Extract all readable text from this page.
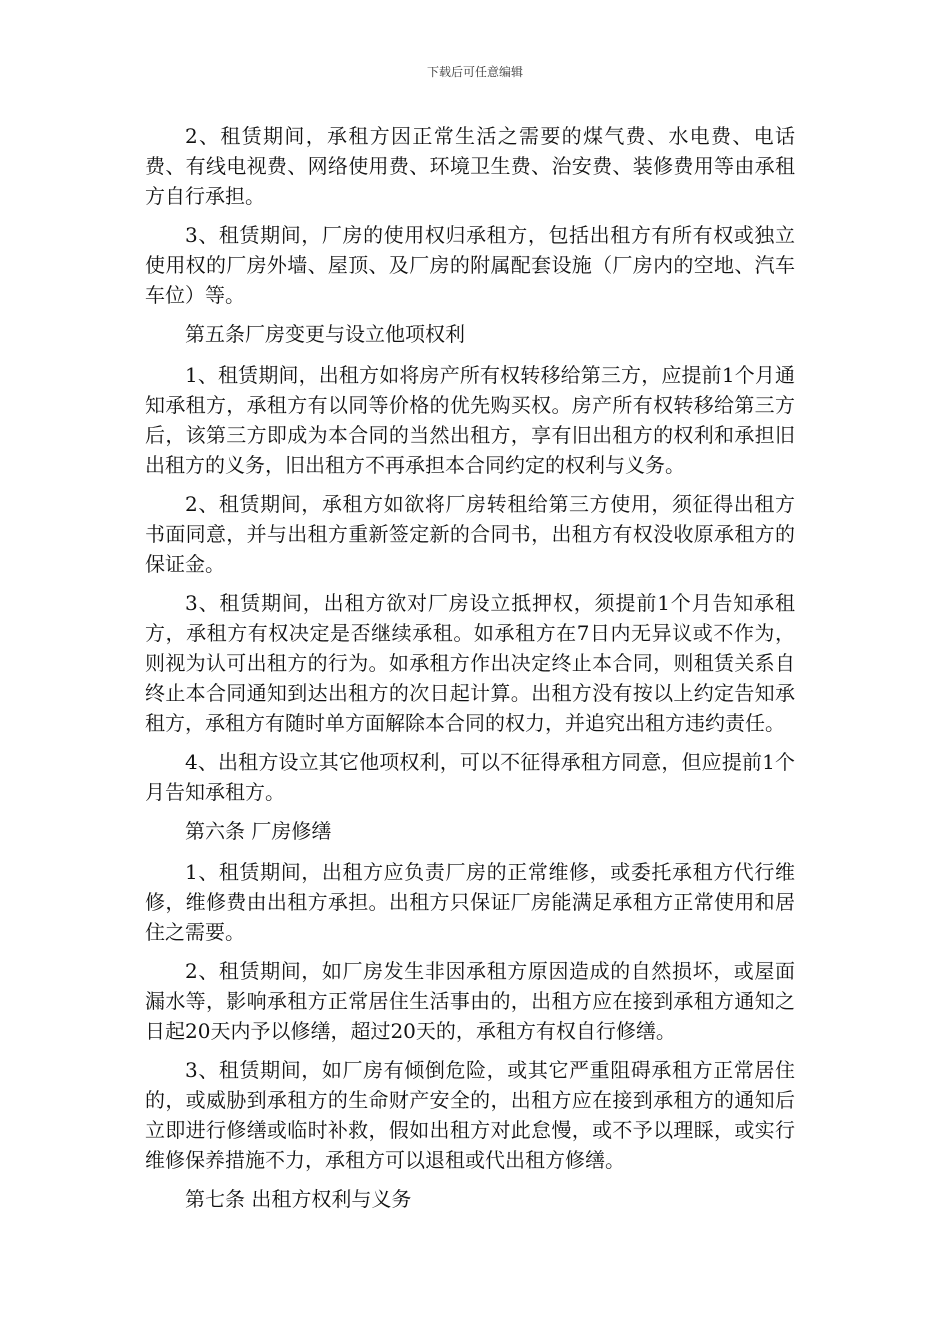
下载后可任意编辑

2、租赁期间，承租方因正常生活之需要的煤气费、水电费、电话费、有线电视费、网络使用费、环境卫生费、治安费、装修费用等由承租方自行承担。

3、租赁期间，厂房的使用权归承租方，包括出租方有所有权或独立使用权的厂房外墙、屋顶、及厂房的附属配套设施（厂房内的空地、汽车车位）等。

第五条厂房变更与设立他项权利

1、租赁期间，出租方如将房产所有权转移给第三方，应提前1个月通知承租方，承租方有以同等价格的优先购买权。房产所有权转移给第三方后，该第三方即成为本合同的当然出租方，享有旧出租方的权利和承担旧出租方的义务，旧出租方不再承担本合同约定的权利与义务。

2、租赁期间，承租方如欲将厂房转租给第三方使用，须征得出租方书面同意，并与出租方重新签定新的合同书，出租方有权没收原承租方的保证金。

3、租赁期间，出租方欲对厂房设立抵押权，须提前1个月告知承租方，承租方有权决定是否继续承租。如承租方在7日内无异议或不作为，则视为认可出租方的行为。如承租方作出决定终止本合同，则租赁关系自终止本合同通知到达出租方的次日起计算。出租方没有按以上约定告知承租方，承租方有随时单方面解除本合同的权力，并追究出租方违约责任。

4、出租方设立其它他项权利，可以不征得承租方同意，但应提前1个月告知承租方。

第六条 厂房修缮

1、租赁期间，出租方应负责厂房的正常维修，或委托承租方代行维修，维修费由出租方承担。出租方只保证厂房能满足承租方正常使用和居住之需要。

2、租赁期间，如厂房发生非因承租方原因造成的自然损坏，或屋面漏水等，影响承租方正常居住生活事由的，出租方应在接到承租方通知之日起20天内予以修缮，超过20天的，承租方有权自行修缮。

3、租赁期间，如厂房有倾倒危险，或其它严重阻碍承租方正常居住的，或威胁到承租方的生命财产安全的，出租方应在接到承租方的通知后立即进行修缮或临时补救，假如出租方对此怠慢，或不予以理睬，或实行维修保养措施不力，承租方可以退租或代出租方修缮。

第七条 出租方权利与义务
